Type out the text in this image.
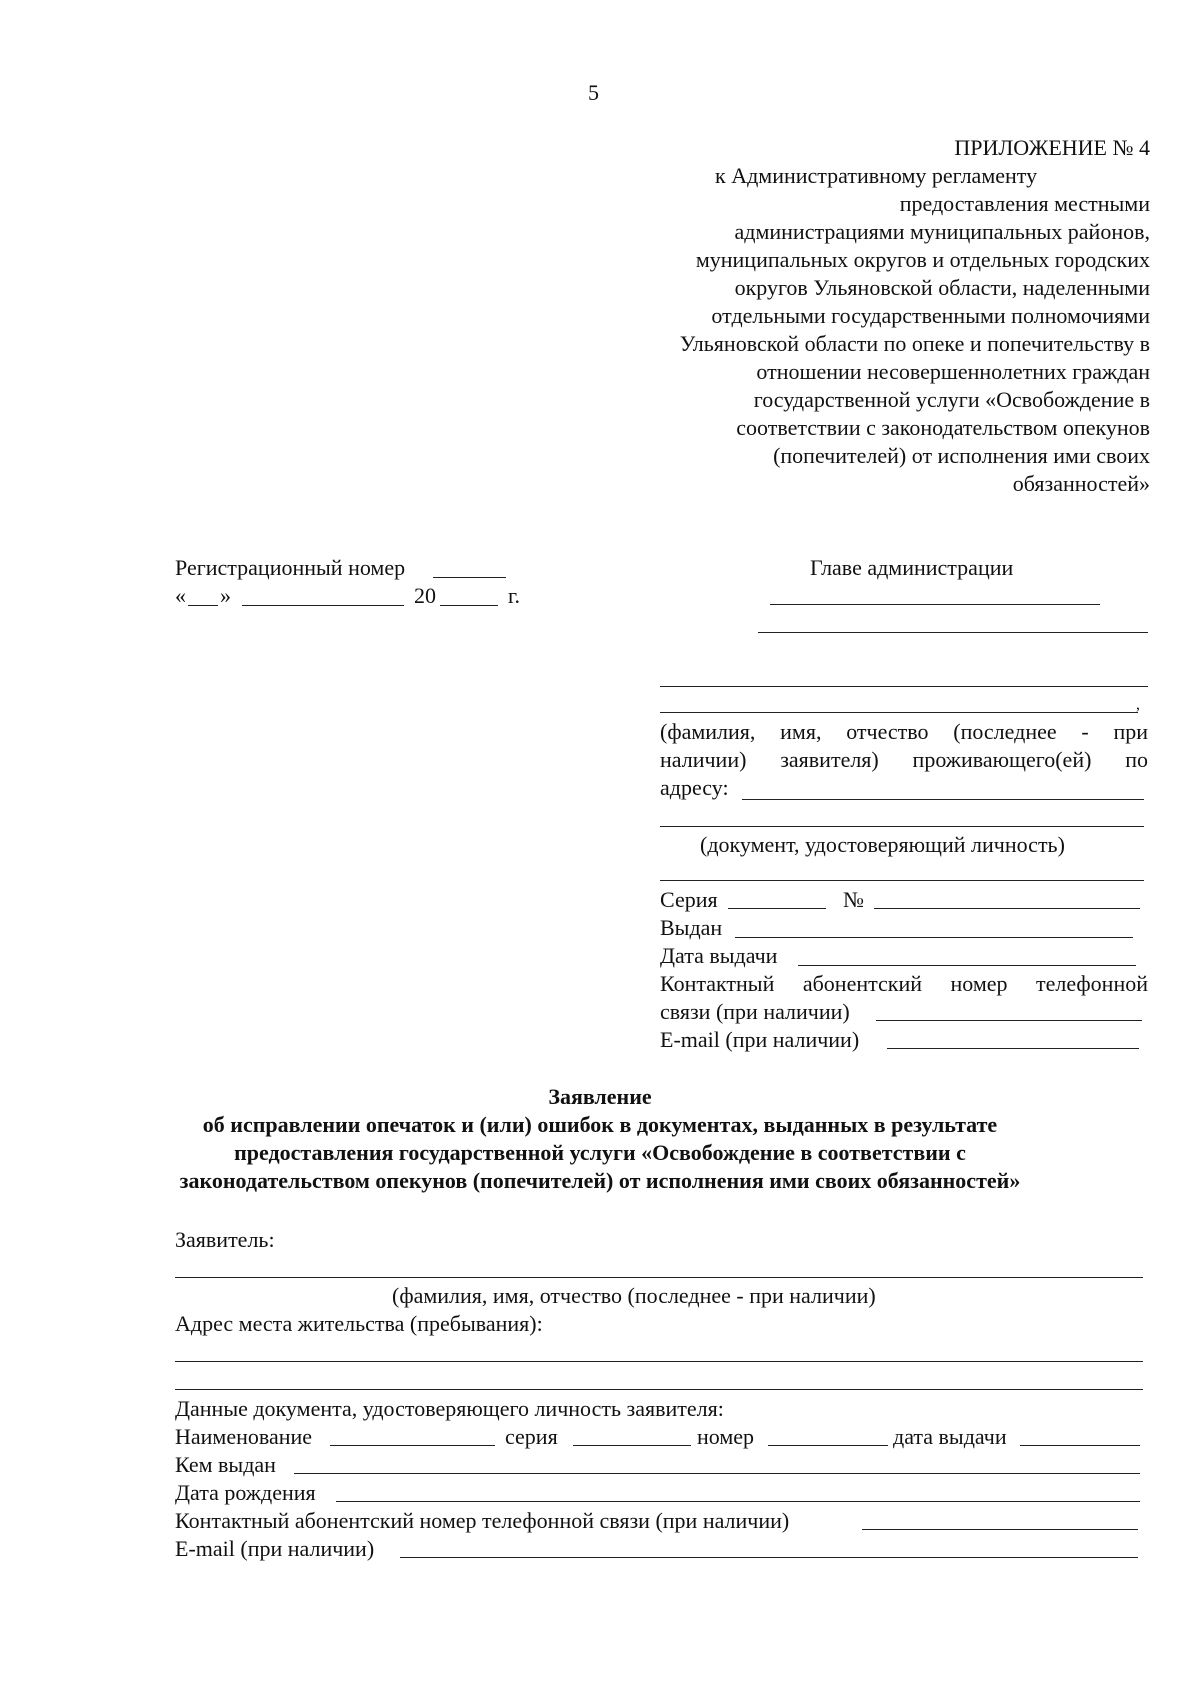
5
ПРИЛОЖЕНИЕ № 4
к Административному регламенту
предоставления местными
администрациями муниципальных районов,
муниципальных округов и отдельных городских
округов Ульяновской области, наделенными
отдельными государственными полномочиями
Ульяновской области по опеке и попечительству в
отношении несовершеннолетних граждан
государственной услуги «Освобождение в
соответствии с законодательством опекунов
(попечителей) от исполнения ими своих
обязанностей»
Регистрационный номер
« »	20	г.
Главе администрации
,
(фамилия, имя, отчество (последнее - при
наличии) заявителя) проживающего(ей) по
адресу:
(документ, удостоверяющий личность)
Серия	№
Выдан
Дата выдачи
Контактный абонентский номер телефонной
связи (при наличии)
E-mail (при наличии)
Заявление
об исправлении опечаток и (или) ошибок в документах, выданных в результате
предоставления государственной услуги «Освобождение в соответствии с
законодательством опекунов (попечителей) от исполнения ими своих обязанностей»
Заявитель:
(фамилия, имя, отчество (последнее - при наличии)
Адрес места жительства (пребывания):
Данные документа, удостоверяющего личность заявителя:
Наименование	серия	номер	дата выдачи
Кем выдан
Дата рождения
Контактный абонентский номер телефонной связи (при наличии)
E-mail (при наличии)
